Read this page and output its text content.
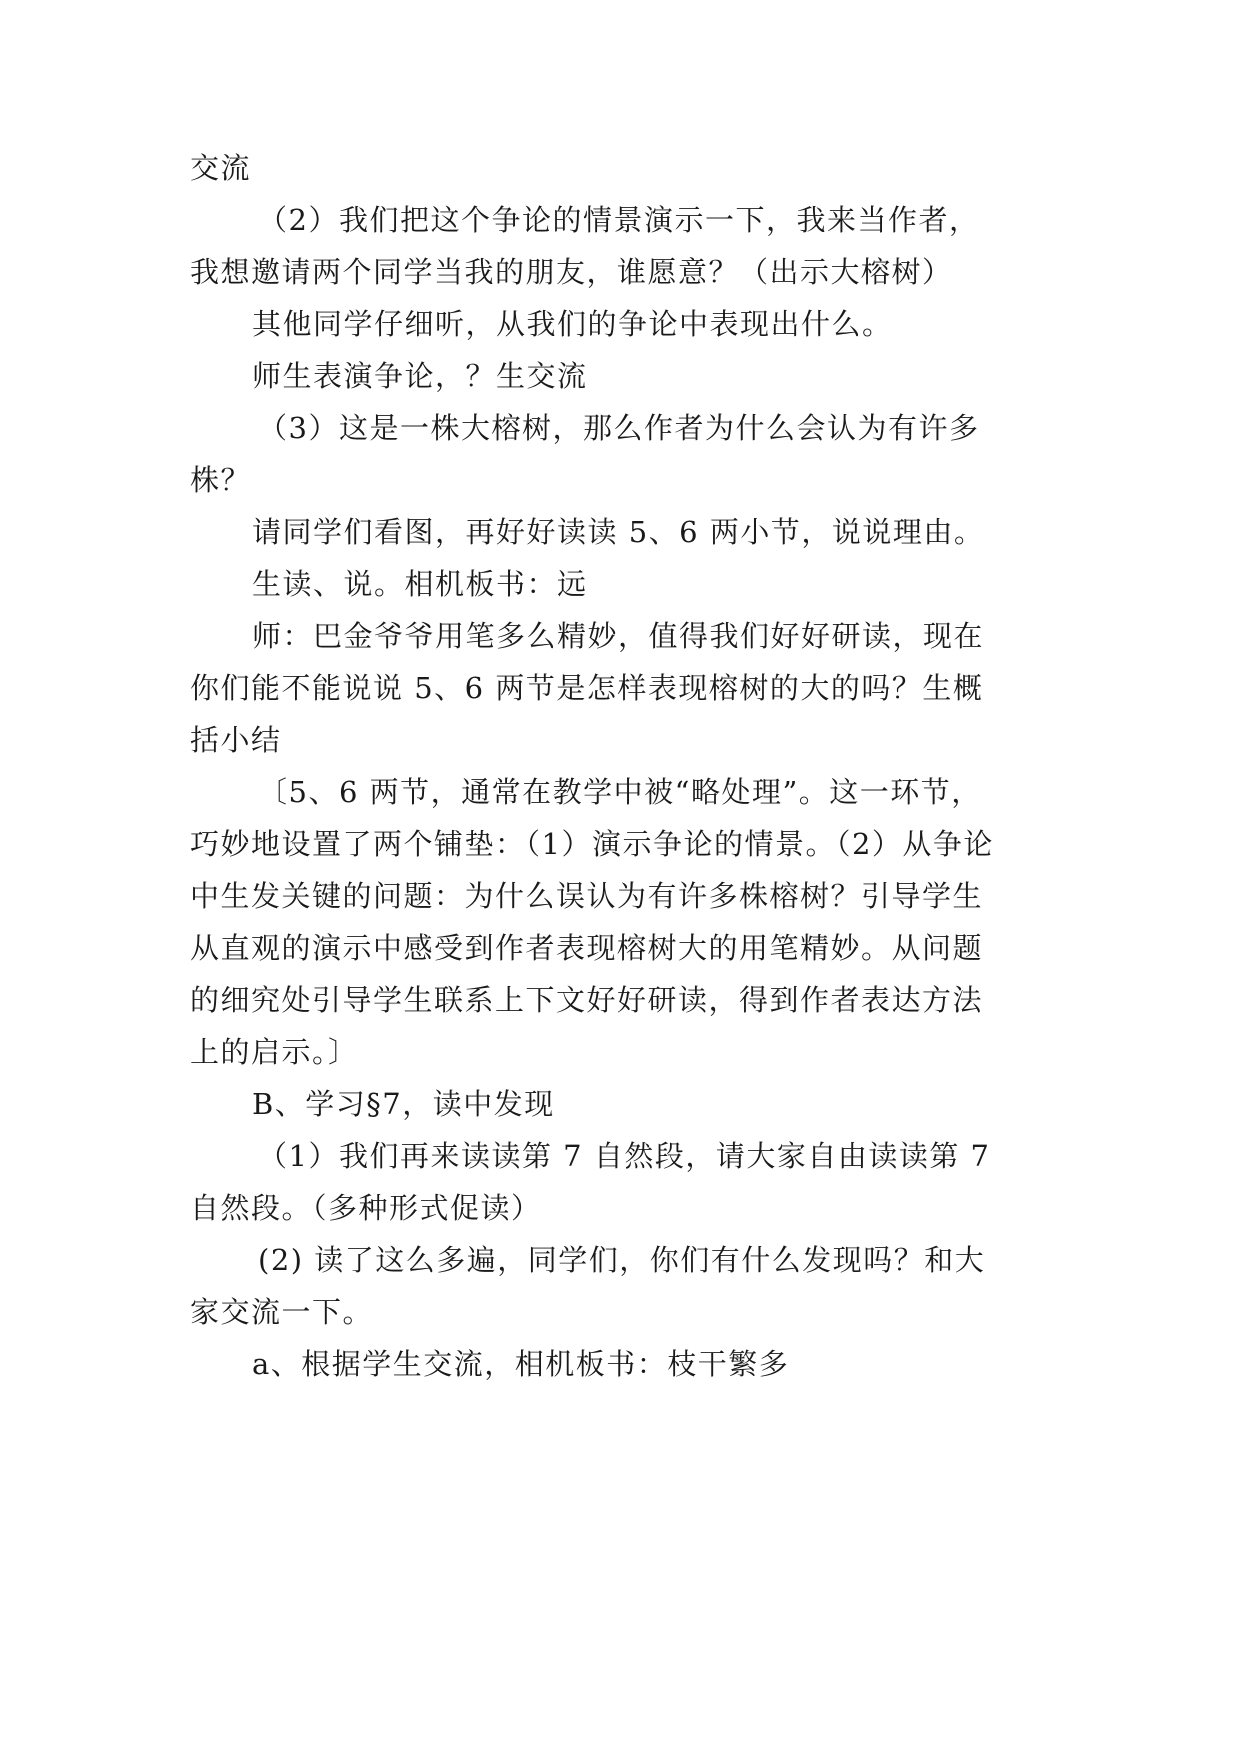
交流
（2）我们把这个争论的情景演示一下，我来当作者，
我想邀请两个同学当我的朋友，谁愿意？（出示大榕树）
其他同学仔细听，从我们的争论中表现出什么。
师生表演争论，？生交流
（3）这是一株大榕树，那么作者为什么会认为有许多
株？
请同学们看图，再好好读读 5、6 两小节，说说理由。
生读、说。相机板书：远
师：巴金爷爷用笔多么精妙，值得我们好好研读，现在
你们能不能说说 5、6 两节是怎样表现榕树的大的吗？生概
括小结
〔5、6 两节，通常在教学中被“略处理”。这一环节，
巧妙地设置了两个铺垫：（1）演示争论的情景。（2）从争论
中生发关键的问题：为什么误认为有许多株榕树？引导学生
从直观的演示中感受到作者表现榕树大的用笔精妙。从问题
的细究处引导学生联系上下文好好研读，得到作者表达方法
上的启示。〕
B、学习§7，读中发现
（1）我们再来读读第 7 自然段，请大家自由读读第 7
自然段。（多种形式促读）
(2) 读了这么多遍，同学们，你们有什么发现吗？和大
家交流一下。
a、根据学生交流，相机板书：枝干繁多
